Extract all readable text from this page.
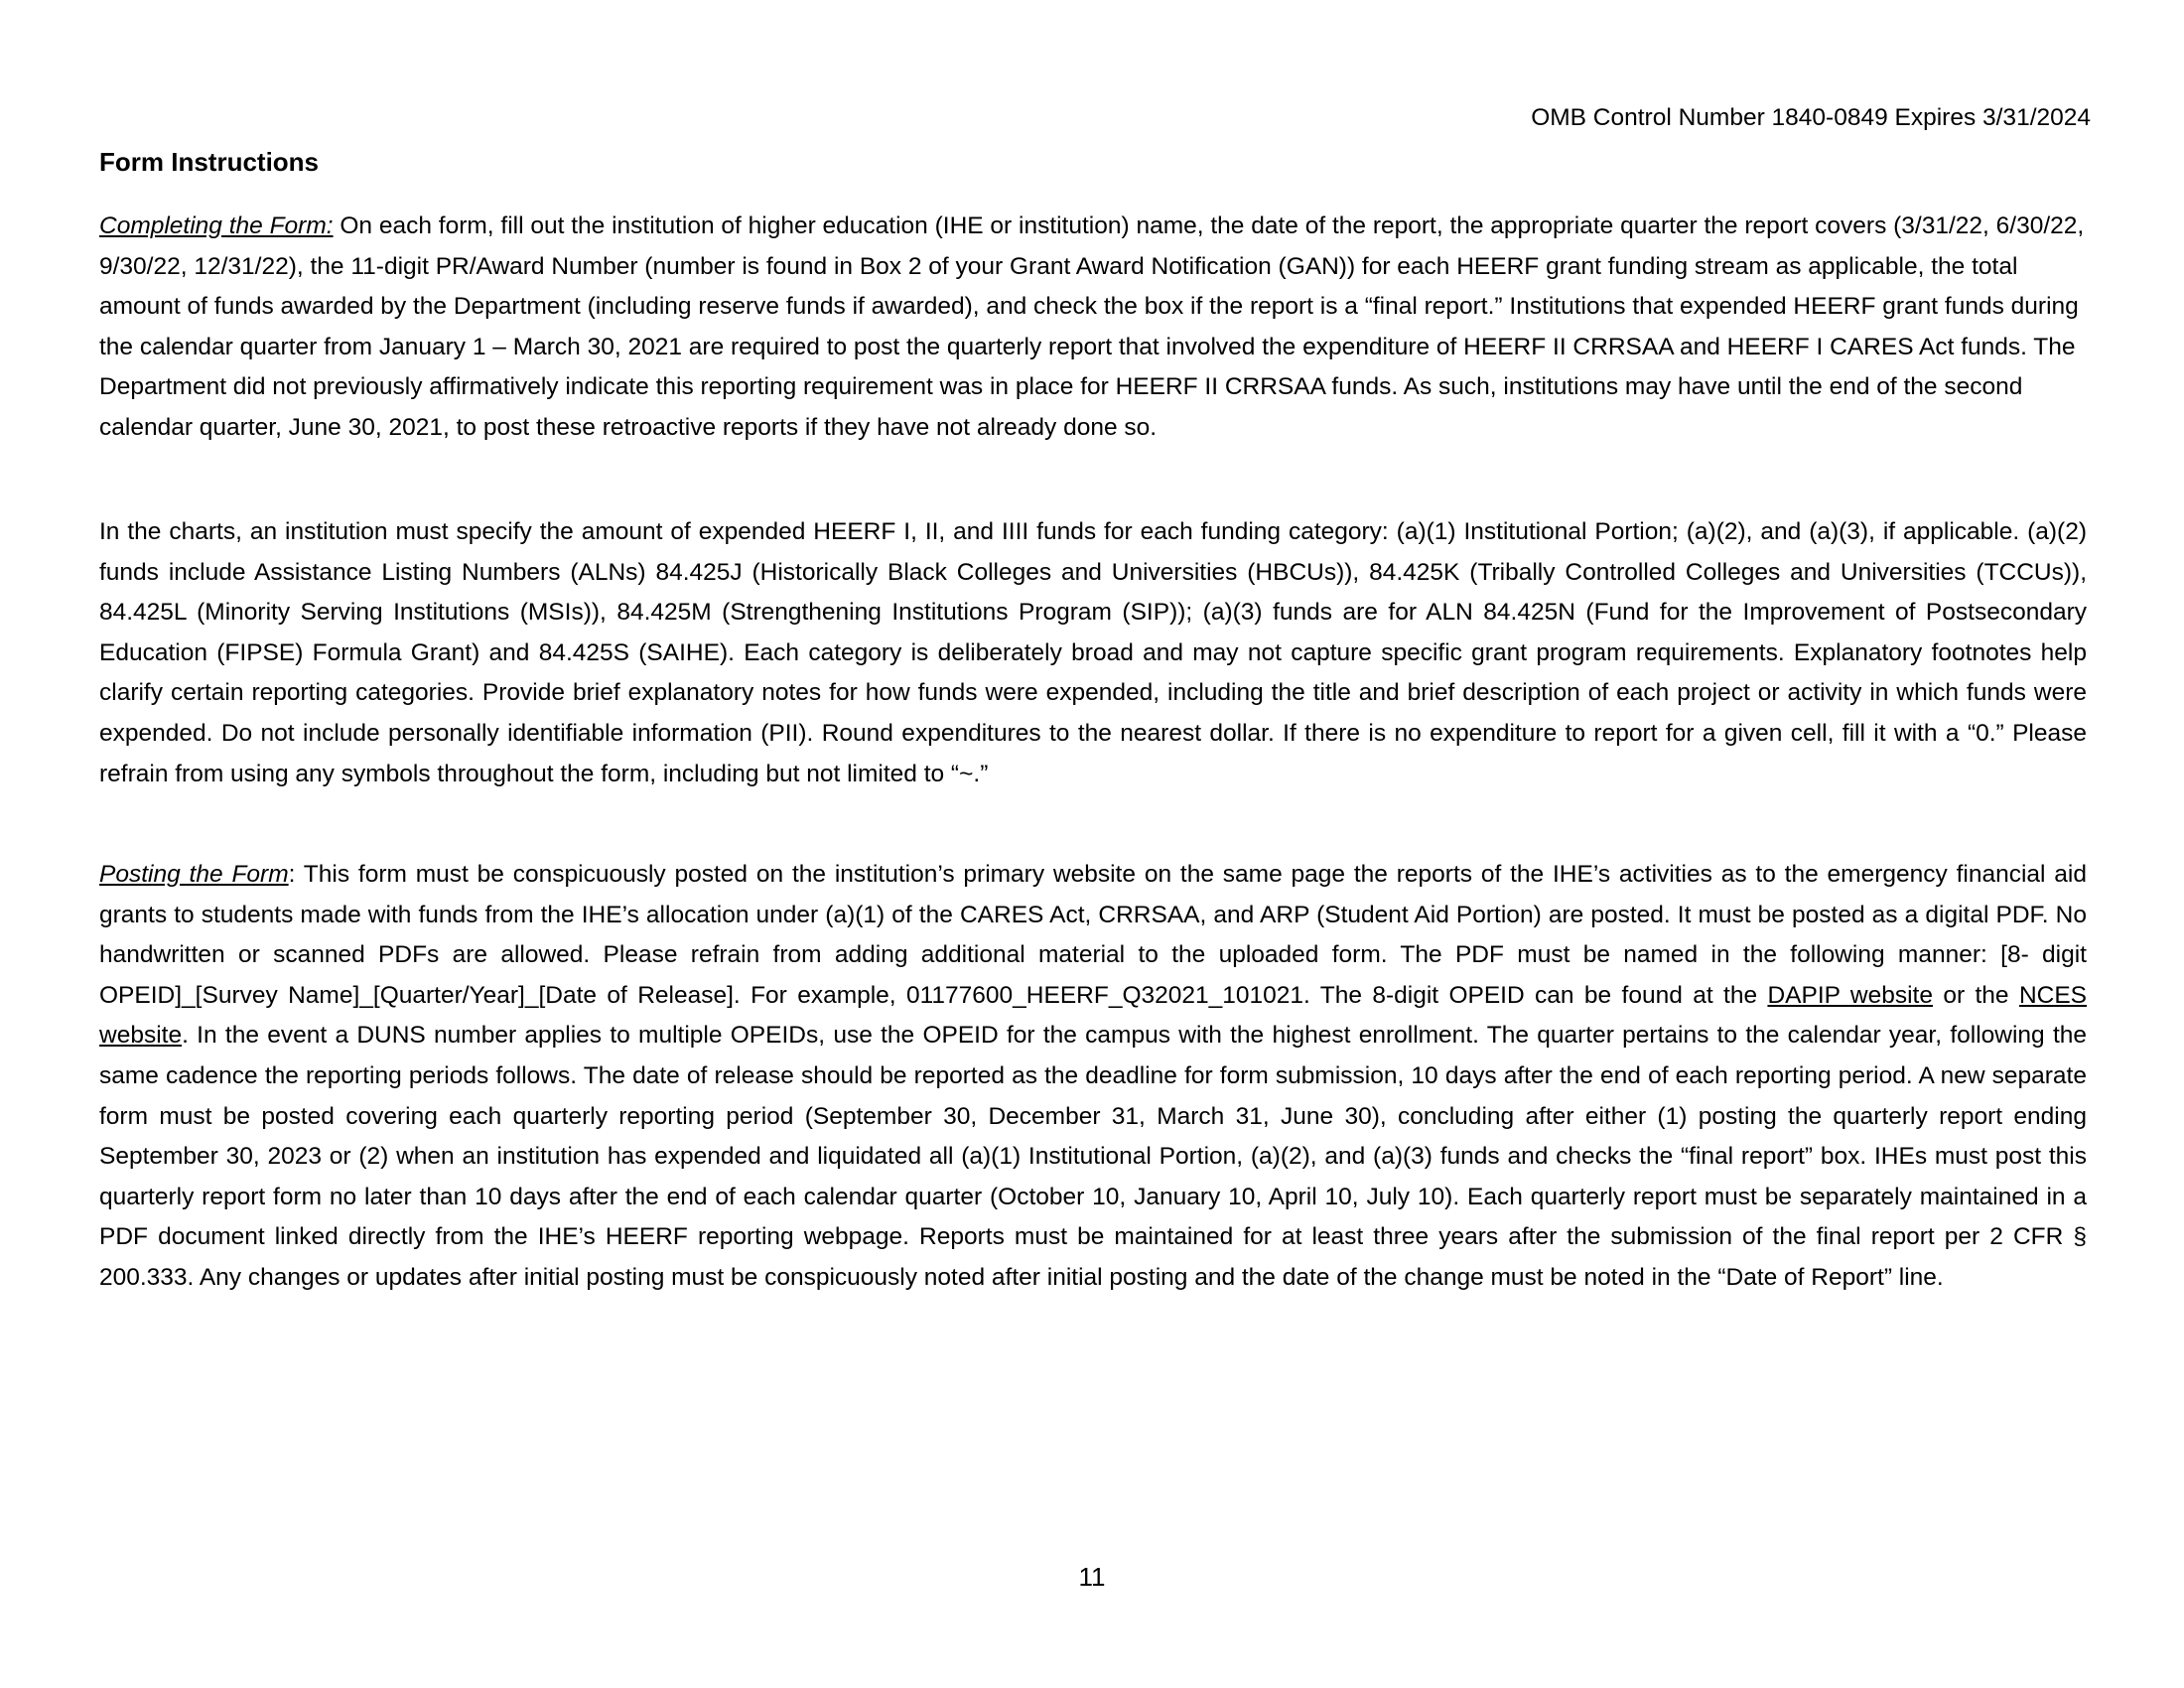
OMB Control Number 1840-0849 Expires 3/31/2024
Form Instructions

Completing the Form: On each form, fill out the institution of higher education (IHE or institution) name, the date of the report, the appropriate quarter the report covers (3/31/22, 6/30/22, 9/30/22, 12/31/22), the 11-digit PR/Award Number (number is found in Box 2 of your Grant Award Notification (GAN)) for each HEERF grant funding stream as applicable, the total amount of funds awarded by the Department (including reserve funds if awarded), and check the box if the report is a “final report.” Institutions that expended HEERF grant funds during the calendar quarter from January 1 – March 30, 2021 are required to post the quarterly report that involved the expenditure of HEERF II CRRSAA and HEERF I CARES Act funds. The Department did not previously affirmatively indicate this reporting requirement was in place for HEERF II CRRSAA funds. As such, institutions may have until the end of the second calendar quarter, June 30, 2021, to post these retroactive reports if they have not already done so.

In the charts, an institution must specify the amount of expended HEERF I, II, and IIII funds for each funding category: (a)(1) Institutional Portion; (a)(2), and (a)(3), if applicable. (a)(2) funds include Assistance Listing Numbers (ALNs) 84.425J (Historically Black Colleges and Universities (HBCUs)), 84.425K (Tribally Controlled Colleges and Universities (TCCUs)), 84.425L (Minority Serving Institutions (MSIs)), 84.425M (Strengthening Institutions Program (SIP)); (a)(3) funds are for ALN 84.425N (Fund for the Improvement of Postsecondary Education (FIPSE) Formula Grant) and 84.425S (SAIHE). Each category is deliberately broad and may not capture specific grant program requirements. Explanatory footnotes help clarify certain reporting categories. Provide brief explanatory notes for how funds were expended, including the title and brief description of each project or activity in which funds were expended. Do not include personally identifiable information (PII). Round expenditures to the nearest dollar. If there is no expenditure to report for a given cell, fill it with a “0.” Please refrain from using any symbols throughout the form, including but not limited to “~.”

Posting the Form: This form must be conspicuously posted on the institution’s primary website on the same page the reports of the IHE’s activities as to the emergency financial aid grants to students made with funds from the IHE’s allocation under (a)(1) of the CARES Act, CRRSAA, and ARP (Student Aid Portion) are posted. It must be posted as a digital PDF. No handwritten or scanned PDFs are allowed. Please refrain from adding additional material to the uploaded form. The PDF must be named in the following manner: [8- digit OPEID]_[Survey Name]_[Quarter/Year]_[Date of Release]. For example, 01177600_HEERF_Q32021_101021. The 8-digit OPEID can be found at the DAPIP website or the NCES website. In the event a DUNS number applies to multiple OPEIDs, use the OPEID for the campus with the highest enrollment. The quarter pertains to the calendar year, following the same cadence the reporting periods follows. The date of release should be reported as the deadline for form submission, 10 days after the end of each reporting period. A new separate form must be posted covering each quarterly reporting period (September 30, December 31, March 31, June 30), concluding after either (1) posting the quarterly report ending September 30, 2023 or (2) when an institution has expended and liquidated all (a)(1) Institutional Portion, (a)(2), and (a)(3) funds and checks the “final report” box. IHEs must post this quarterly report form no later than 10 days after the end of each calendar quarter (October 10, January 10, April 10, July 10). Each quarterly report must be separately maintained in a PDF document linked directly from the IHE’s HEERF reporting webpage. Reports must be maintained for at least three years after the submission of the final report per 2 CFR § 200.333. Any changes or updates after initial posting must be conspicuously noted after initial posting and the date of the change must be noted in the “Date of Report” line.

11
